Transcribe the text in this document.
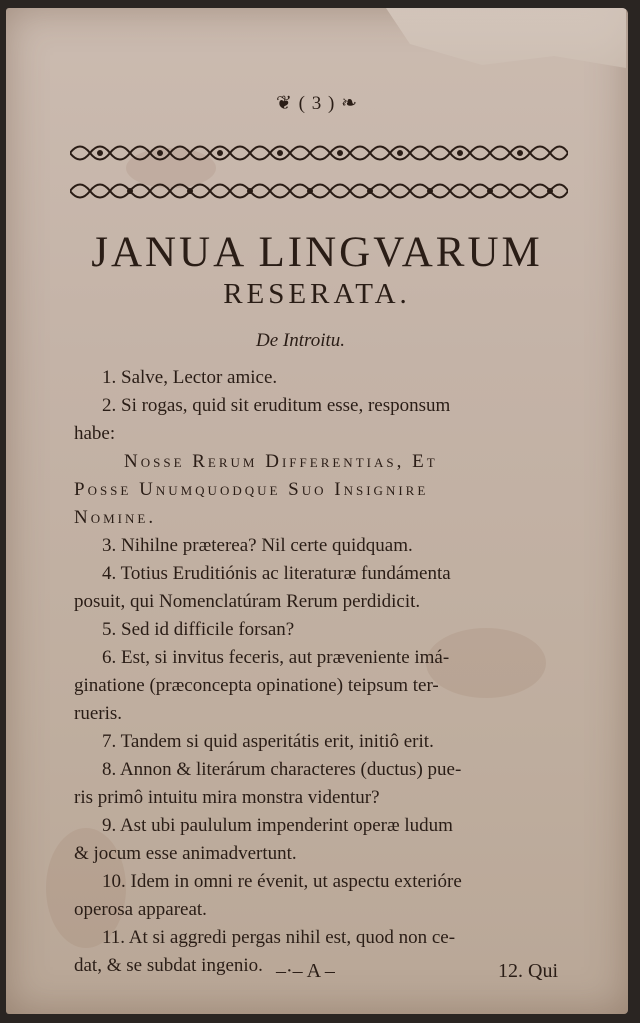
❦ ( 3 ) ❧
JANUA LINGVARUM
RESERATA.
De Introitu.
1. Salve, Lector amice.
2. Si rogas, quid sit eruditum esse, responsum
habe:
Nosse Rerum Differentias, Et
Posse Unumquodque Suo Insignire
Nomine.
3. Nihilne præterea? Nil certe quidquam.
4. Totius Eruditiónis ac literaturæ fundámenta
posuit, qui Nomenclatúram Rerum perdidicit.
5. Sed id difficile forsan?
6. Est, si invitus feceris, aut præveniente imá-
ginatione (præconcepta opinatione) teipsum ter-
rueris.
7. Tandem si quid asperitátis erit, initiô erit.
8. Annon & literárum characteres (ductus) pue-
ris primô intuitu mira monstra videntur?
9. Ast ubi paululum impenderint operæ ludum
& jocum esse animadvertunt.
10. Idem in omni re évenit, ut aspectu exterióre
operosa appareat.
11. At si aggredi pergas nihil est, quod non ce-
dat, & se subdat ingenio. –·– A –	12. Qui
